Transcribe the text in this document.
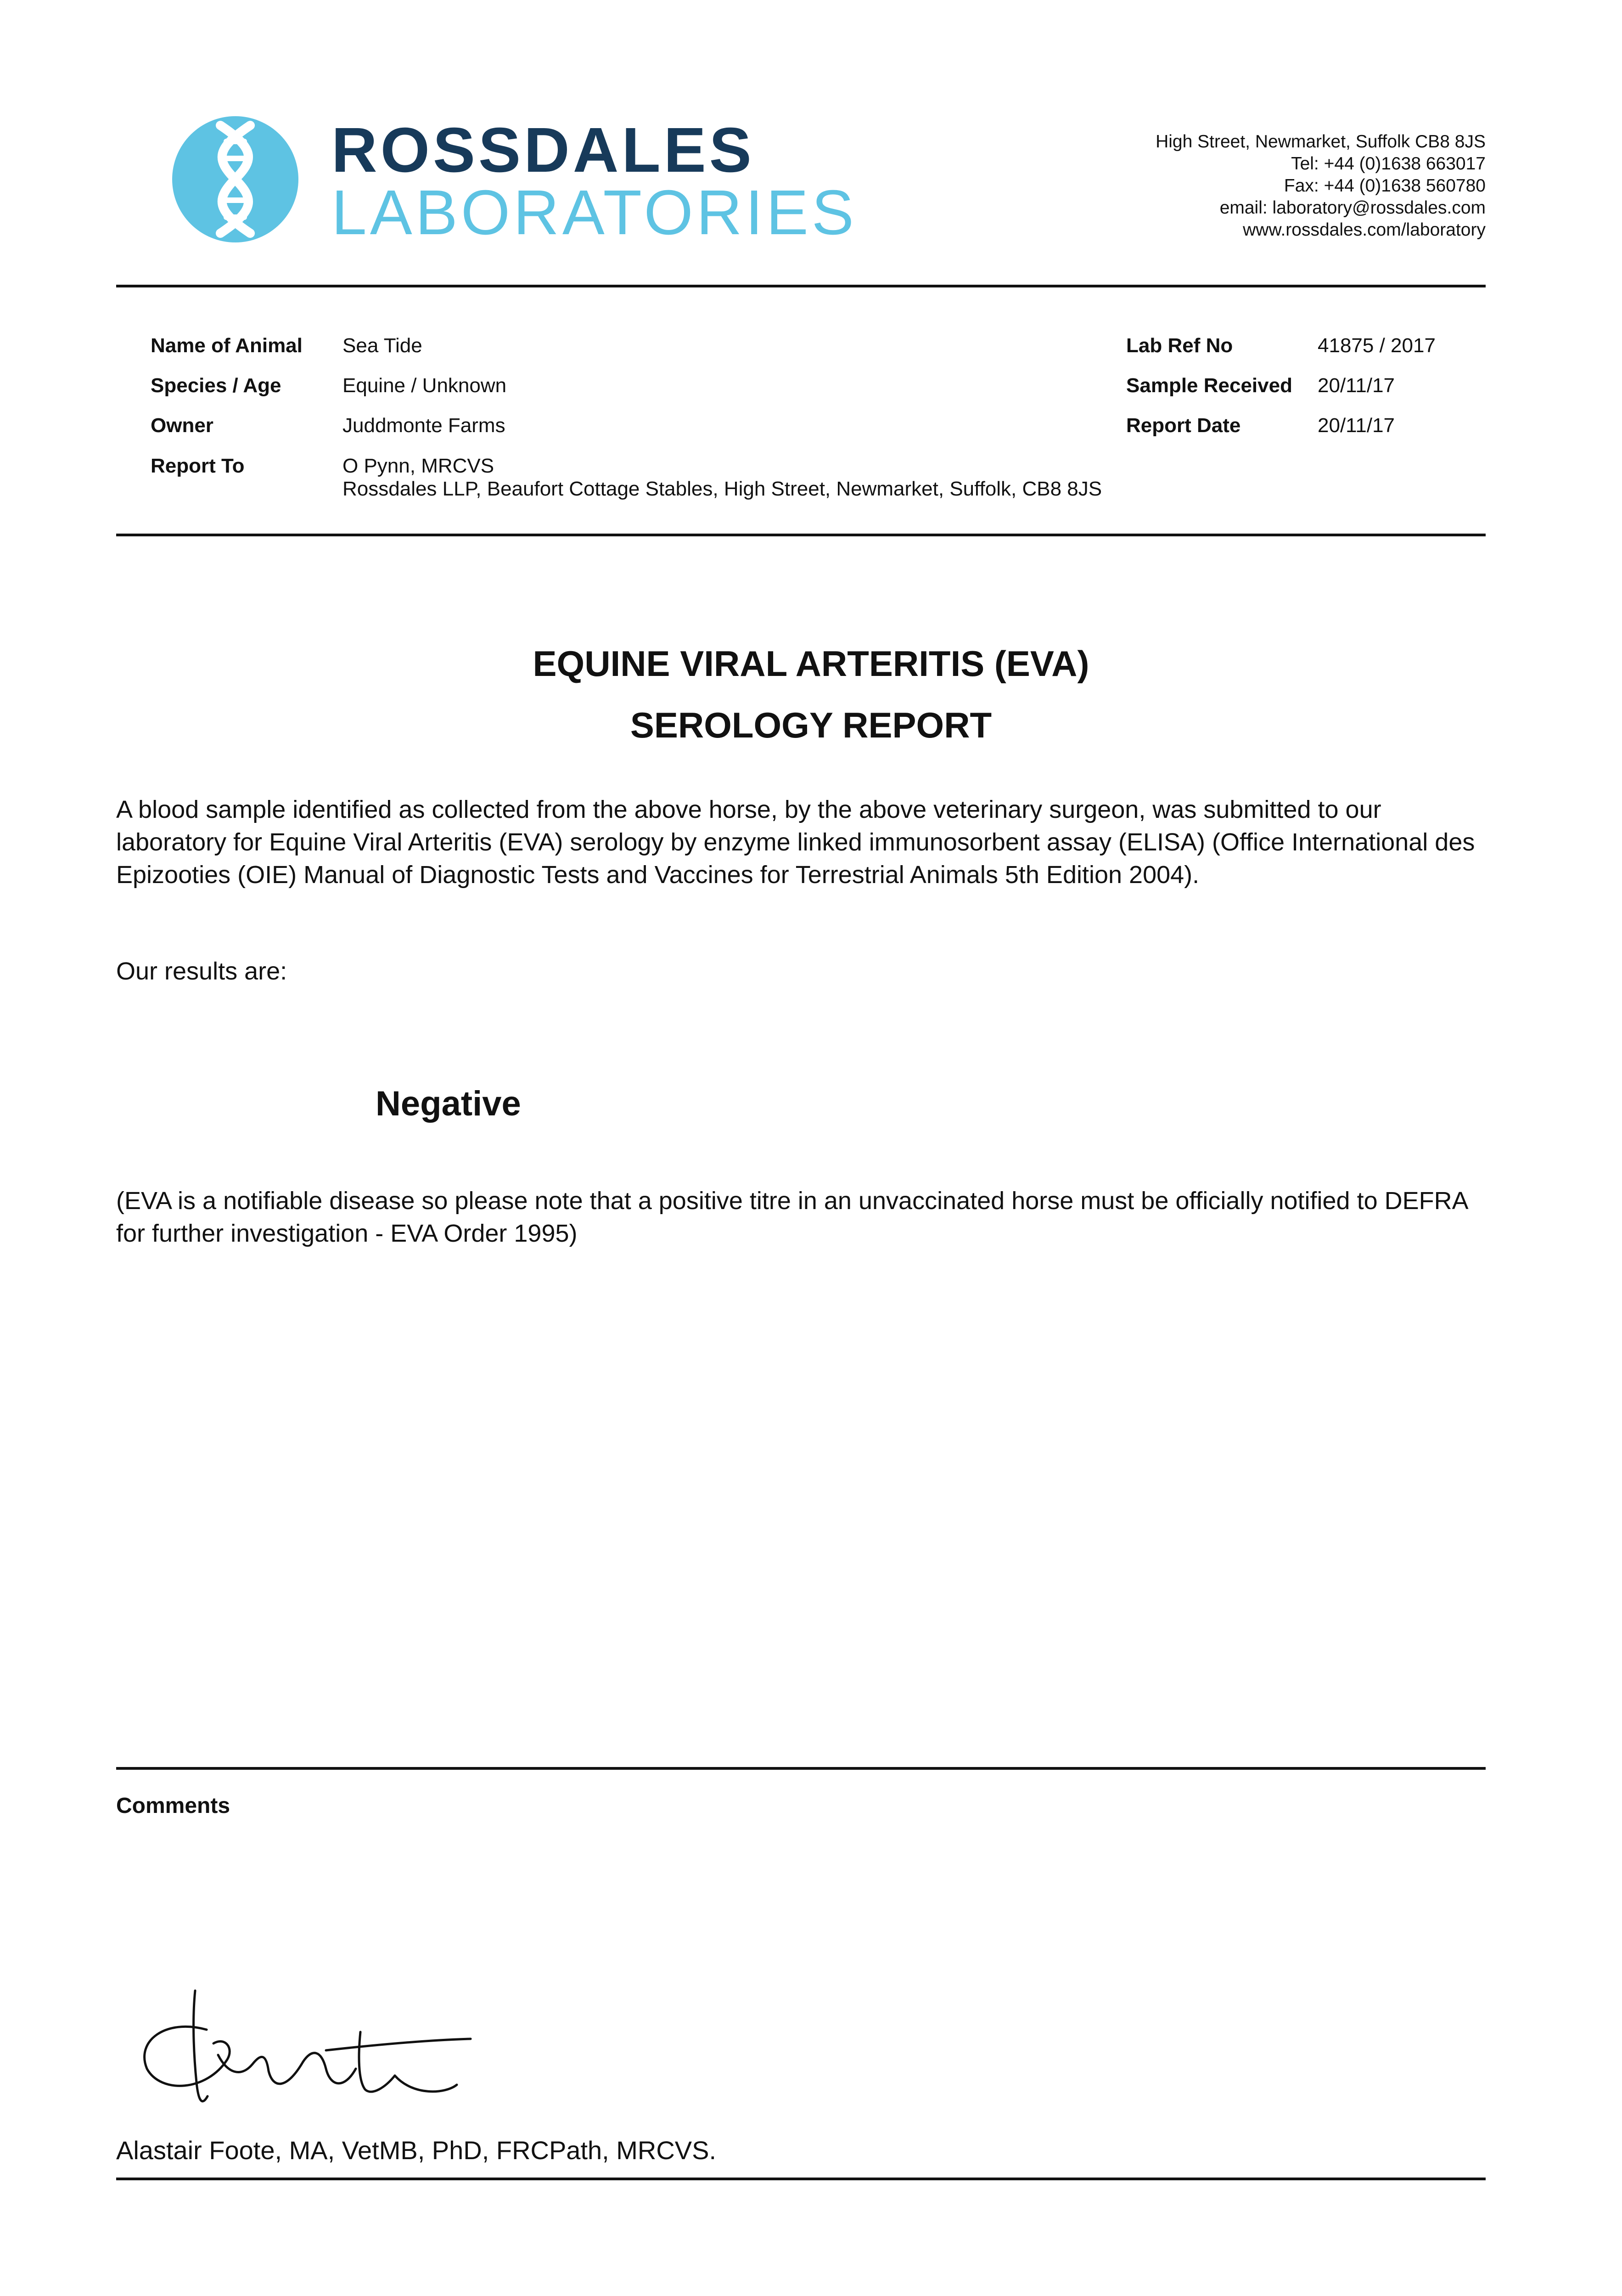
ROSSDALES
LABORATORIES
High Street, Newmarket, Suffolk CB8 8JS
Tel: +44 (0)1638 663017
Fax: +44 (0)1638 560780
email: laboratory@rossdales.com
www.rossdales.com/laboratory
Name of Animal Sea Tide
Species / Age	Equine / Unknown
Owner	Juddmonte Farms
Report To	O Pynn, MRCVS
Rossdales LLP, Beaufort Cottage Stables, High Street, Newmarket, Suffolk, CB8 8JS
Lab Ref No	41875 / 2017
Sample Received 20/11/17
Report Date	20/11/17
EQUINE VIRAL ARTERITIS (EVA)
SEROLOGY REPORT
A blood sample identified as collected from the above horse, by the above veterinary surgeon, was submitted to our laboratory for Equine Viral Arteritis (EVA) serology by enzyme linked immunosorbent assay (ELISA) (Office International des Epizooties (OIE) Manual of Diagnostic Tests and Vaccines for Terrestrial Animals 5th Edition 2004).
Our results are:
Negative
(EVA is a notifiable disease so please note that a positive titre in an unvaccinated horse must be officially notified to DEFRA for further investigation - EVA Order 1995)
Comments
Alastair Foote, MA, VetMB, PhD, FRCPath, MRCVS.
